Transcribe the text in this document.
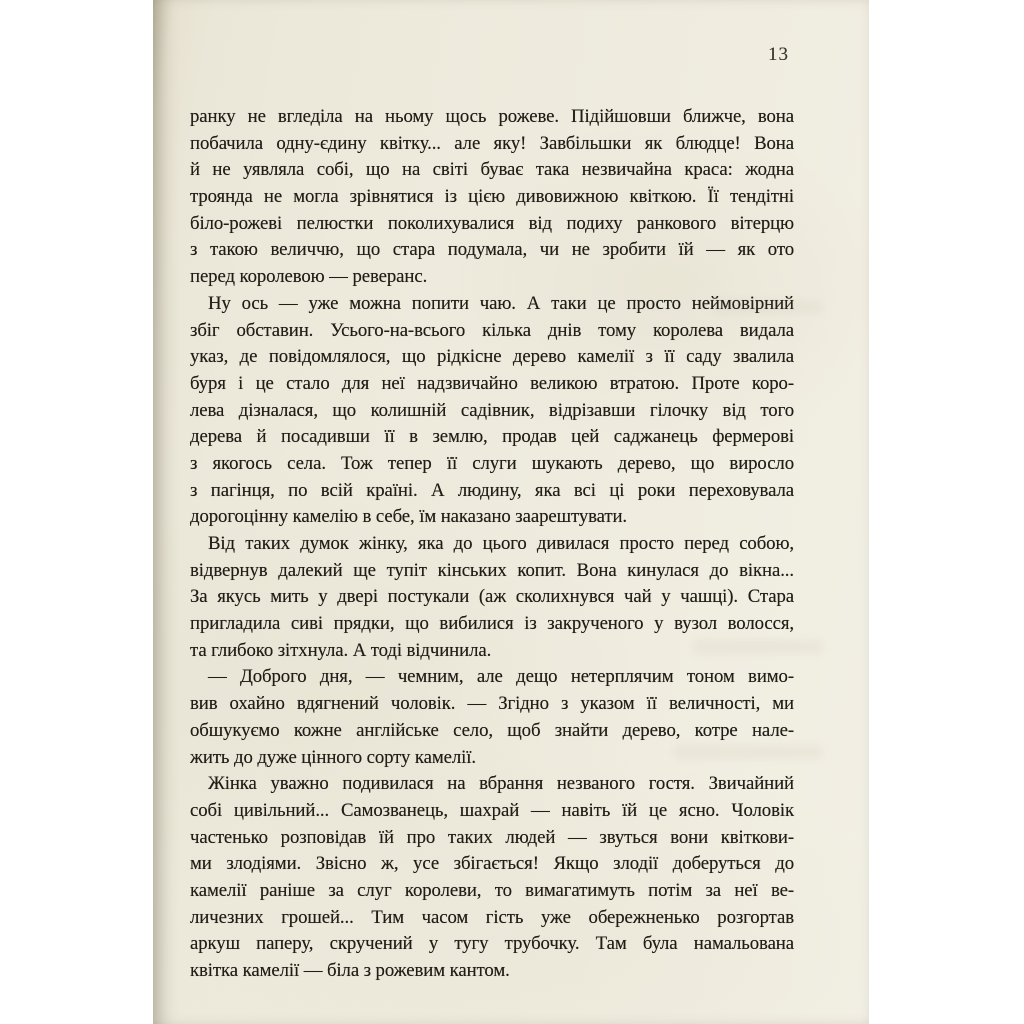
13
ранку не вгледіла на ньому щось рожеве. Підійшовши ближче, вона
побачила одну-єдину квітку... але яку! Завбільшки як блюдце! Вона
й не уявляла собі, що на світі буває така незвичайна краса: жодна
троянда не могла зрівнятися із цією дивовижною квіткою. Її тендітні
біло-рожеві пелюстки поколихувалися від подиху ранкового вітерцю
з такою величчю, що стара подумала, чи не зробити їй — як ото
перед королевою — реверанс.
Ну ось — уже можна попити чаю. А таки це просто неймовірний
збіг обставин. Усього-на-всього кілька днів тому королева видала
указ, де повідомлялося, що рідкісне дерево камелії з її саду звалила
буря і це стало для неї надзвичайно великою втратою. Проте коро-
лева дізналася, що колишній садівник, відрізавши гілочку від того
дерева й посадивши її в землю, продав цей саджанець фермерові
з якогось села. Тож тепер її слуги шукають дерево, що виросло
з пагінця, по всій країні. А людину, яка всі ці роки переховувала
дорогоцінну камелію в себе, їм наказано заарештувати.
Від таких думок жінку, яка до цього дивилася просто перед собою,
відвернув далекий ще тупіт кінських копит. Вона кинулася до вікна...
За якусь мить у двері постукали (аж сколихнувся чай у чашці). Стара
пригладила сиві прядки, що вибилися із закрученого у вузол волосся,
та глибоко зітхнула. А тоді відчинила.
— Доброго дня, — чемним, але дещо нетерплячим тоном вимо-
вив охайно вдягнений чоловік. — Згідно з указом її величності, ми
обшукуємо кожне англійське село, щоб знайти дерево, котре нале-
жить до дуже цінного сорту камелії.
Жінка уважно подивилася на вбрання незваного гостя. Звичайний
собі цивільний... Самозванець, шахрай — навіть їй це ясно. Чоловік
частенько розповідав їй про таких людей — звуться вони квіткови-
ми злодіями. Звісно ж, усе збігається! Якщо злодії доберуться до
камелії раніше за слуг королеви, то вимагатимуть потім за неї ве-
личезних грошей... Тим часом гість уже обережненько розгортав
аркуш паперу, скручений у тугу трубочку. Там була намальована
квітка камелії — біла з рожевим кантом.
